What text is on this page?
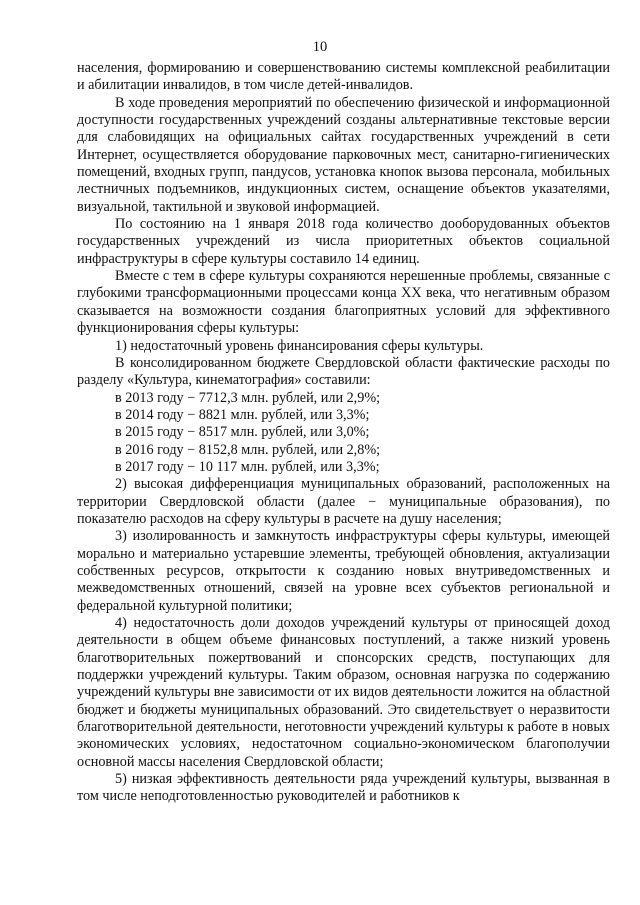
10

населения, формированию и совершенствованию системы комплексной реабилитации и абилитации инвалидов, в том числе детей-инвалидов.

В ходе проведения мероприятий по обеспечению физической и информационной доступности государственных учреждений созданы альтернативные текстовые версии для слабовидящих на официальных сайтах государственных учреждений в сети Интернет, осуществляется оборудование парковочных мест, санитарно-гигиенических помещений, входных групп, пандусов, установка кнопок вызова персонала, мобильных лестничных подъемников, индукционных систем, оснащение объектов указателями, визуальной, тактильной и звуковой информацией.

По состоянию на 1 января 2018 года количество дооборудованных объектов государственных учреждений из числа приоритетных объектов социальной инфраструктуры в сфере культуры составило 14 единиц.

Вместе с тем в сфере культуры сохраняются нерешенные проблемы, связанные с глубокими трансформационными процессами конца XX века, что негативным образом сказывается на возможности создания благоприятных условий для эффективного функционирования сферы культуры:

1) недостаточный уровень финансирования сферы культуры.

В консолидированном бюджете Свердловской области фактические расходы по разделу «Культура, кинематография» составили:

в 2013 году − 7712,3 млн. рублей, или 2,9%;

в 2014 году − 8821 млн. рублей, или 3,3%;

в 2015 году − 8517 млн. рублей, или 3,0%;

в 2016 году − 8152,8 млн. рублей, или 2,8%;

в 2017 году − 10 117 млн. рублей, или 3,3%;

2) высокая дифференциация муниципальных образований, расположенных на территории Свердловской области (далее − муниципальные образования), по показателю расходов на сферу культуры в расчете на душу населения;

3) изолированность и замкнутость инфраструктуры сферы культуры, имеющей морально и материально устаревшие элементы, требующей обновления, актуализации собственных ресурсов, открытости к созданию новых внутриведомственных и межведомственных отношений, связей на уровне всех субъектов региональной и федеральной культурной политики;

4) недостаточность доли доходов учреждений культуры от приносящей доход деятельности в общем объеме финансовых поступлений, а также низкий уровень благотворительных пожертвований и спонсорских средств, поступающих для поддержки учреждений культуры. Таким образом, основная нагрузка по содержанию учреждений культуры вне зависимости от их видов деятельности ложится на областной бюджет и бюджеты муниципальных образований. Это свидетельствует о неразвитости благотворительной деятельности, неготовности учреждений культуры к работе в новых экономических условиях, недостаточном социально-экономическом благополучии основной массы населения Свердловской области;

5) низкая эффективность деятельности ряда учреждений культуры, вызванная в том числе неподготовленностью руководителей и работников к
